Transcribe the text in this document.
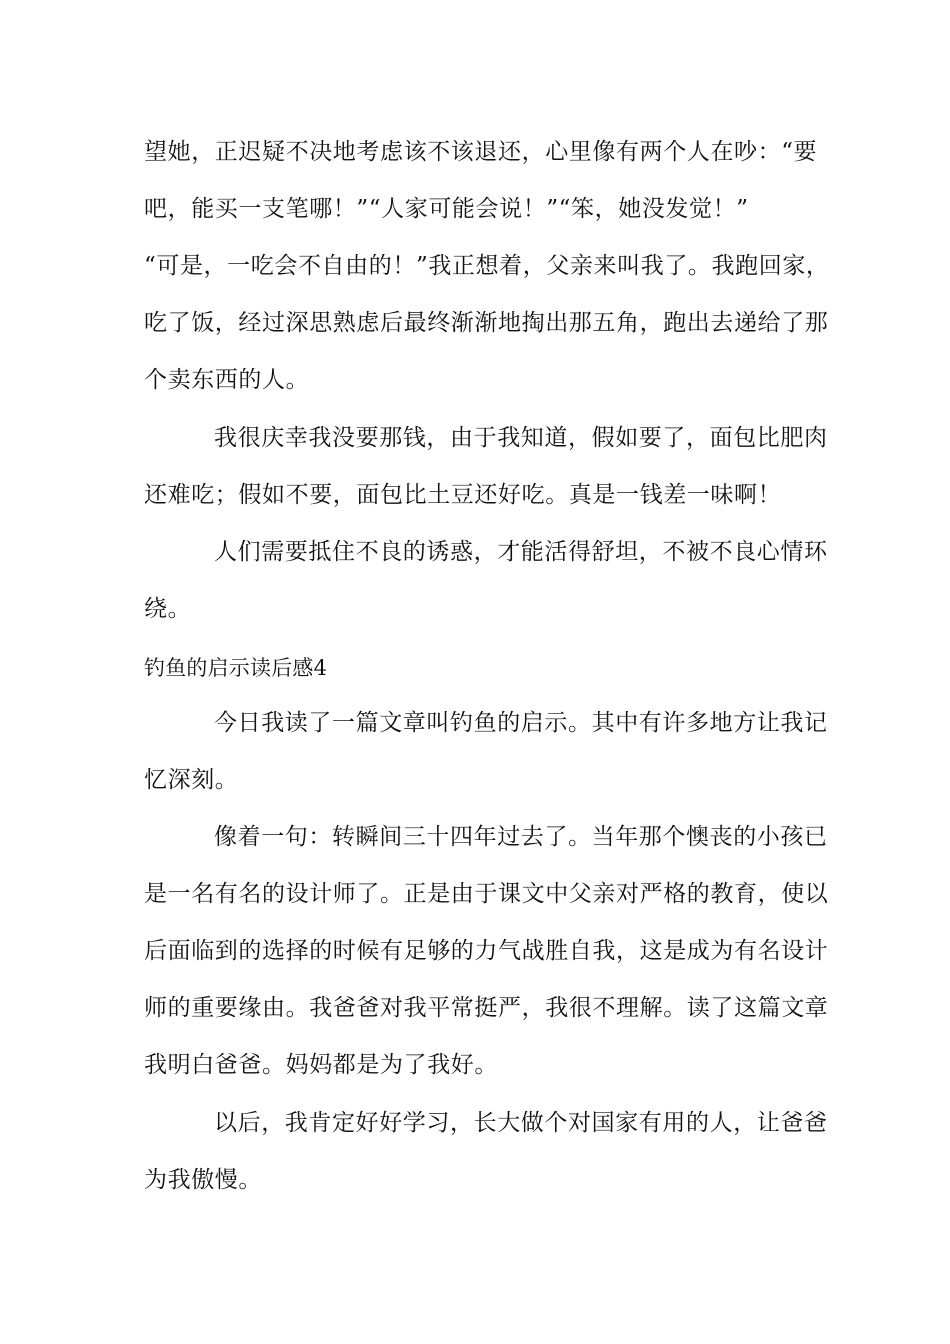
望她，正迟疑不决地考虑该不该退还，心里像有两个人在吵：“要
吧，能买一支笔哪！”“人家可能会说！”“笨，她没发觉！”
“可是，一吃会不自由的！”我正想着，父亲来叫我了。我跑回家，
吃了饭，经过深思熟虑后最终渐渐地掏出那五角，跑出去递给了那
个卖东西的人。
我很庆幸我没要那钱，由于我知道，假如要了，面包比肥肉
还难吃；假如不要，面包比土豆还好吃。真是一钱差一味啊！
人们需要抵住不良的诱惑，才能活得舒坦，不被不良心情环
绕。
钓鱼的启示读后感4
今日我读了一篇文章叫钓鱼的启示。其中有许多地方让我记
忆深刻。
像着一句：转瞬间三十四年过去了。当年那个懊丧的小孩已
是一名有名的设计师了。正是由于课文中父亲对严格的教育，使以
后面临到的选择的时候有足够的力气战胜自我，这是成为有名设计
师的重要缘由。我爸爸对我平常挺严，我很不理解。读了这篇文章
我明白爸爸。妈妈都是为了我好。
以后，我肯定好好学习，长大做个对国家有用的人，让爸爸
为我傲慢。
